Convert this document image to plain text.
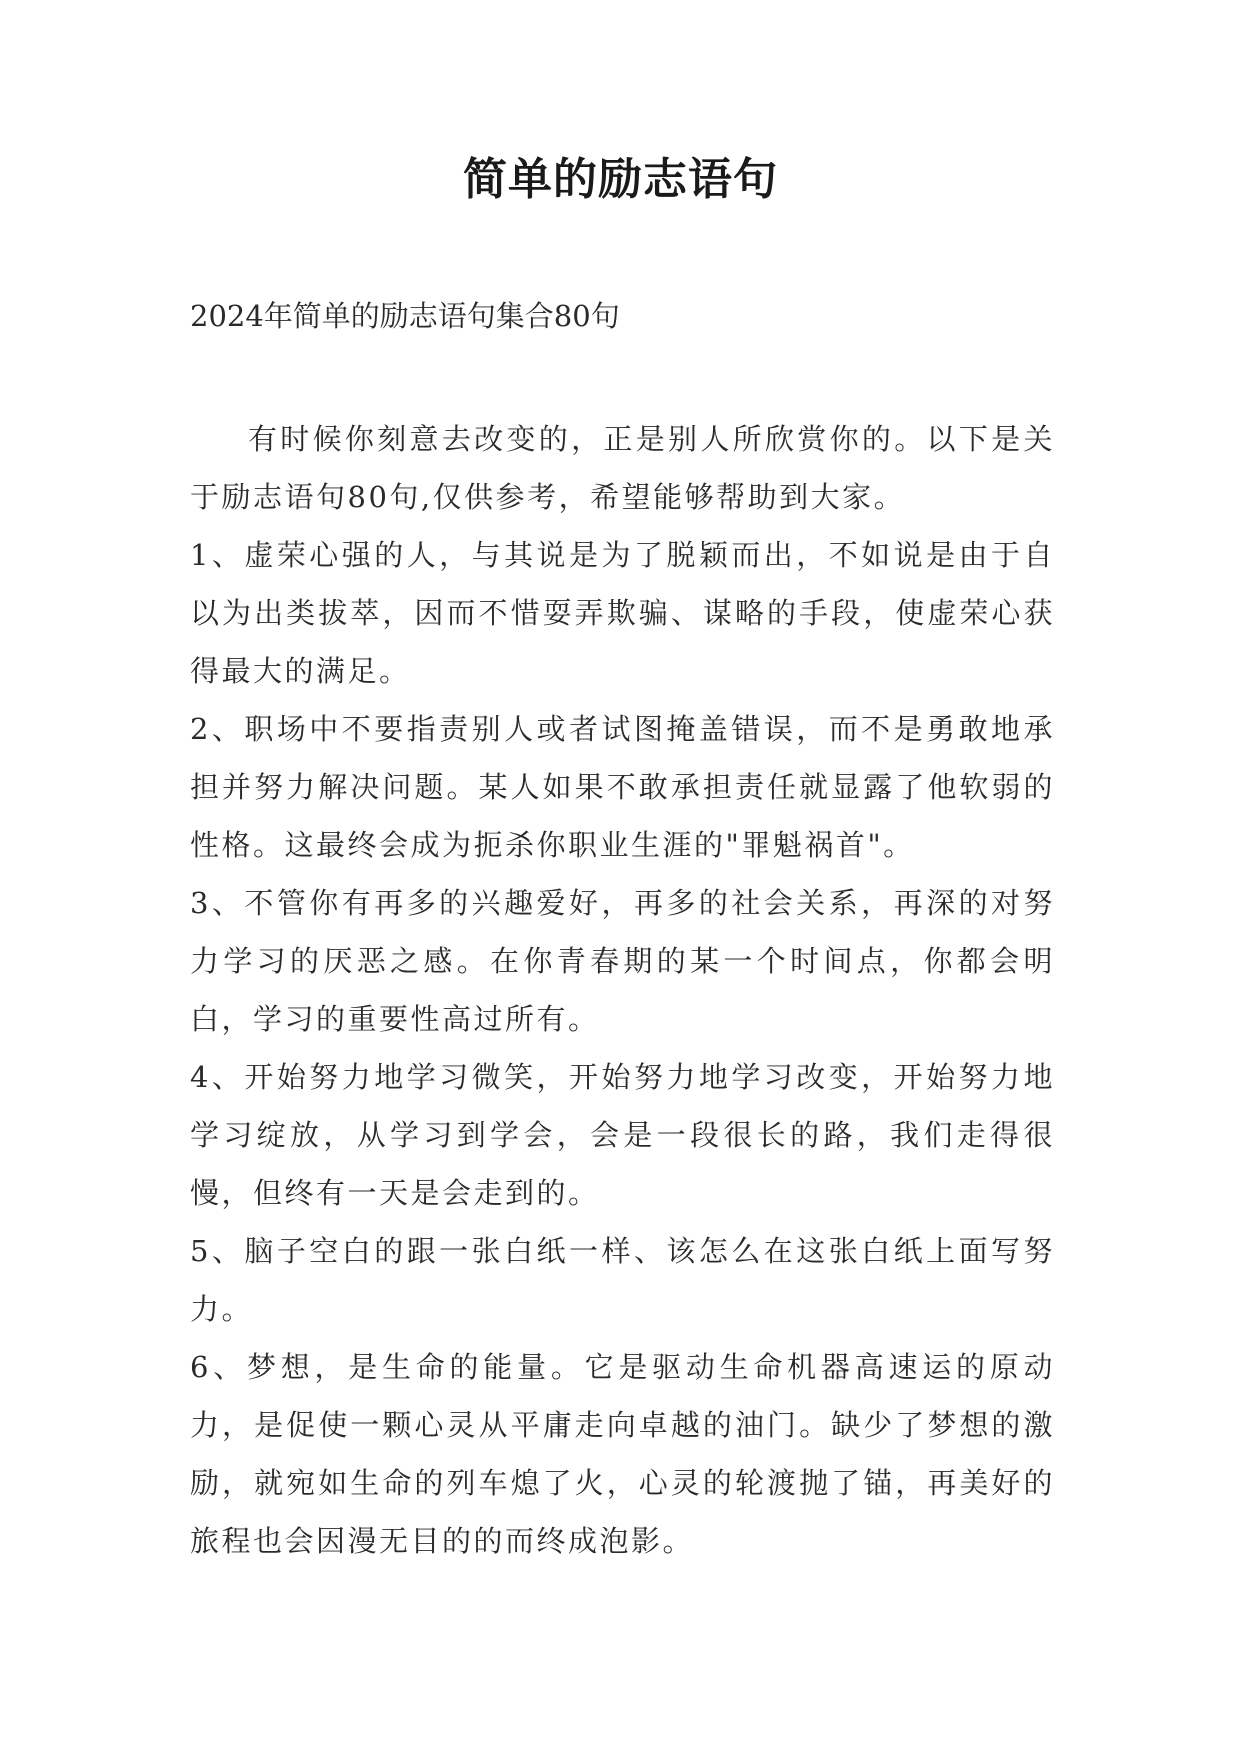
简单的励志语句
2024年简单的励志语句集合80句

有时候你刻意去改变的，正是别人所欣赏你的。以下是关于励志语句80句,仅供参考，希望能够帮助到大家。

1、虚荣心强的人，与其说是为了脱颖而出，不如说是由于自以为出类拔萃，因而不惜耍弄欺骗、谋略的手段，使虚荣心获得最大的满足。

2、职场中不要指责别人或者试图掩盖错误，而不是勇敢地承担并努力解决问题。某人如果不敢承担责任就显露了他软弱的性格。这最终会成为扼杀你职业生涯的"罪魁祸首"。

3、不管你有再多的兴趣爱好，再多的社会关系，再深的对努力学习的厌恶之感。在你青春期的某一个时间点，你都会明白，学习的重要性高过所有。

4、开始努力地学习微笑，开始努力地学习改变，开始努力地学习绽放，从学习到学会，会是一段很长的路，我们走得很慢，但终有一天是会走到的。

5、脑子空白的跟一张白纸一样、该怎么在这张白纸上面写努力。

6、梦想，是生命的能量。它是驱动生命机器高速运的原动力，是促使一颗心灵从平庸走向卓越的油门。缺少了梦想的激励，就宛如生命的列车熄了火，心灵的轮渡抛了锚，再美好的旅程也会因漫无目的的而终成泡影。
